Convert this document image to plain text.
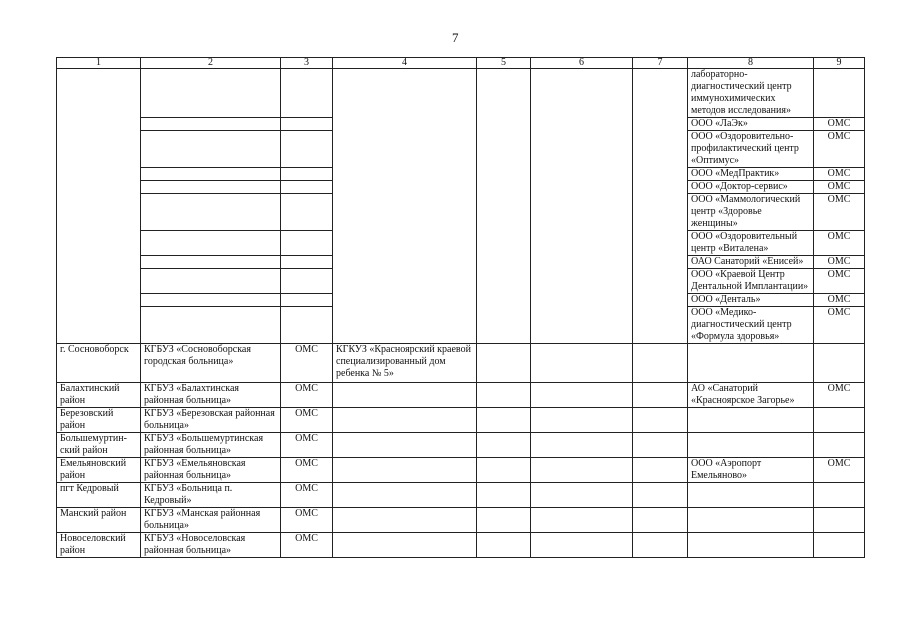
7
1	2	3	4	5	6	7	8	9
							лабораторно-диагностический центр иммунохимических методов исследования»	
							ООО «ЛаЭк»	ОМС
							ООО «Оздоровительно-профилактический центр «Оптимус»	ОМС
							ООО «МедПрактик»	ОМС
							ООО «Доктор-сервис»	ОМС
							ООО «Маммологический центр «Здоровье женщины»	ОМС
							ООО «Оздоровительный центр «Виталена»	ОМС
							ОАО Санаторий «Енисей»	ОМС
							ООО «Краевой Центр Дентальной Имплантации»	ОМС
							ООО «Денталь»	ОМС
							ООО «Медико-диагностический центр «Формула здоровья»	ОМС
г. Сосновоборск	КГБУЗ «Сосновоборская городская больница»	ОМС	КГКУЗ «Красноярский краевой специализированный дом ребенка № 5»					
Балахтинский район	КГБУЗ «Балахтинская районная больница»	ОМС					АО «Санаторий «Красноярское Загорье»	ОМС
Березовский район	КГБУЗ «Березовская районная больница»	ОМС						
Большемуртин-ский район	КГБУЗ «Большемуртинская районная больница»	ОМС						
Емельяновский район	КГБУЗ «Емельяновская районная больница»	ОМС					ООО «Аэропорт Емельяново»	ОМС
пгт Кедровый	КГБУЗ «Больница п. Кедровый»	ОМС						
Манский район	КГБУЗ «Манская районная больница»	ОМС						
Новоселовский район	КГБУЗ «Новоселовская районная больница»	ОМС						
